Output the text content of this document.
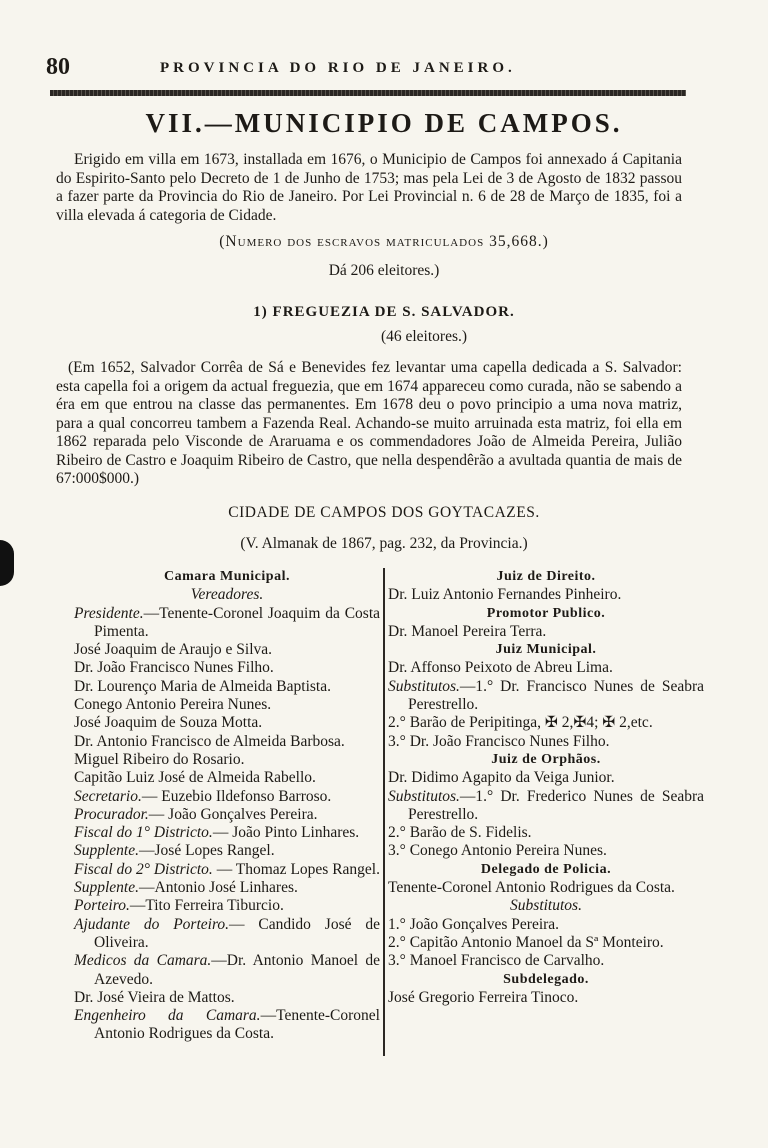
80	PROVINCIA DO RIO DE JANEIRO.
VII.—MUNICIPIO DE CAMPOS.
Erigido em villa em 1673, installada em 1676, o Municipio de Campos foi annexado á Capitania do Espirito-Santo pelo Decreto de 1 de Junho de 1753; mas pela Lei de 3 de Agosto de 1832 passou a fazer parte da Provincia do Rio de Janeiro. Por Lei Provincial n. 6 de 28 de Março de 1835, foi a villa elevada á categoria de Cidade.
(Numero dos escravos matriculados 35,668.)
Dá 206 eleitores.)
1) FREGUEZIA DE S. SALVADOR.
(46 eleitores.)
(Em 1652, Salvador Corrêa de Sá e Benevides fez levantar uma capella dedicada a S. Salvador: esta capella foi a origem da actual freguezia, que em 1674 appareceu como curada, não se sabendo a éra em que entrou na classe das permanentes. Em 1678 deu o povo principio a uma nova matriz, para a qual concorreu tambem a Fazenda Real. Achando-se muito arruinada esta matriz, foi ella em 1862 reparada pelo Visconde de Araruama e os commendadores João de Almeida Pereira, Julião Ribeiro de Castro e Joaquim Ribeiro de Castro, que nella despendêrão a avultada quantia de mais de 67:000$000.)
CIDADE DE CAMPOS DOS GOYTACAZES.
(V. Almanak de 1867, pag. 232, da Provincia.)
Camara Municipal.
Vereadores.
Presidente.—Tenente-Coronel Joaquim da Costa Pimenta.
José Joaquim de Araujo e Silva.
Dr. João Francisco Nunes Filho.
Dr. Lourenço Maria de Almeida Baptista.
Conego Antonio Pereira Nunes.
José Joaquim de Souza Motta.
Dr. Antonio Francisco de Almeida Barbosa.
Miguel Ribeiro do Rosario.
Capitão Luiz José de Almeida Rabello.
Secretario.— Euzebio Ildefonso Barroso.
Procurador.— João Gonçalves Pereira.
Fiscal do 1° Districto.— João Pinto Linhares.
Supplente.—José Lopes Rangel.
Fiscal do 2° Districto. — Thomaz Lopes Rangel.
Supplente.—Antonio José Linhares.
Porteiro.—Tito Ferreira Tiburcio.
Ajudante do Porteiro.— Candido José de Oliveira.
Medicos da Camara.—Dr. Antonio Manoel de Azevedo.
Dr. José Vieira de Mattos.
Engenheiro da Camara.—Tenente-Coronel Antonio Rodrigues da Costa.
Juiz de Direito.
Dr. Luiz Antonio Fernandes Pinheiro.
Promotor Publico.
Dr. Manoel Pereira Terra.
Juiz Municipal.
Dr. Affonso Peixoto de Abreu Lima.
Substitutos.—1.° Dr. Francisco Nunes de Seabra Perestrello.
2.° Barão de Peripitinga, ✠ 2,✠4; ✠ 2,etc.
3.° Dr. João Francisco Nunes Filho.
Juiz de Orphãos.
Dr. Didimo Agapito da Veiga Junior.
Substitutos.—1.° Dr. Frederico Nunes de Seabra Perestrello.
2.° Barão de S. Fidelis.
3.° Conego Antonio Pereira Nunes.
Delegado de Policia.
Tenente-Coronel Antonio Rodrigues da Costa.
Substitutos.
1.° João Gonçalves Pereira.
2.° Capitão Antonio Manoel da Sª Monteiro.
3.° Manoel Francisco de Carvalho.
Subdelegado.
José Gregorio Ferreira Tinoco.
